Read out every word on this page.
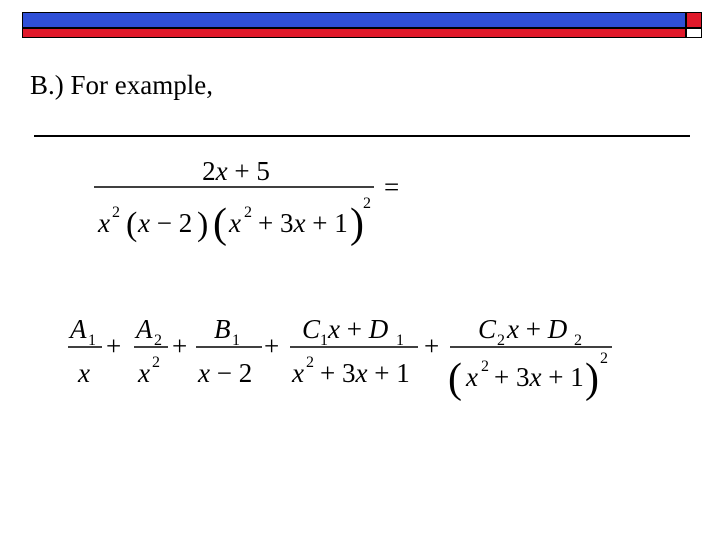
B.) For example,
2x + 5
x 2 ( x − 2 ) ( x 2 + 3x + 1 ) 2
=
A 1
x
+
A 2
x 2
+
B 1
x − 2
+
C 1 x + D 1
x 2 + 3x + 1
+
C 2 x + D 2
( x 2 + 3x + 1 ) 2
